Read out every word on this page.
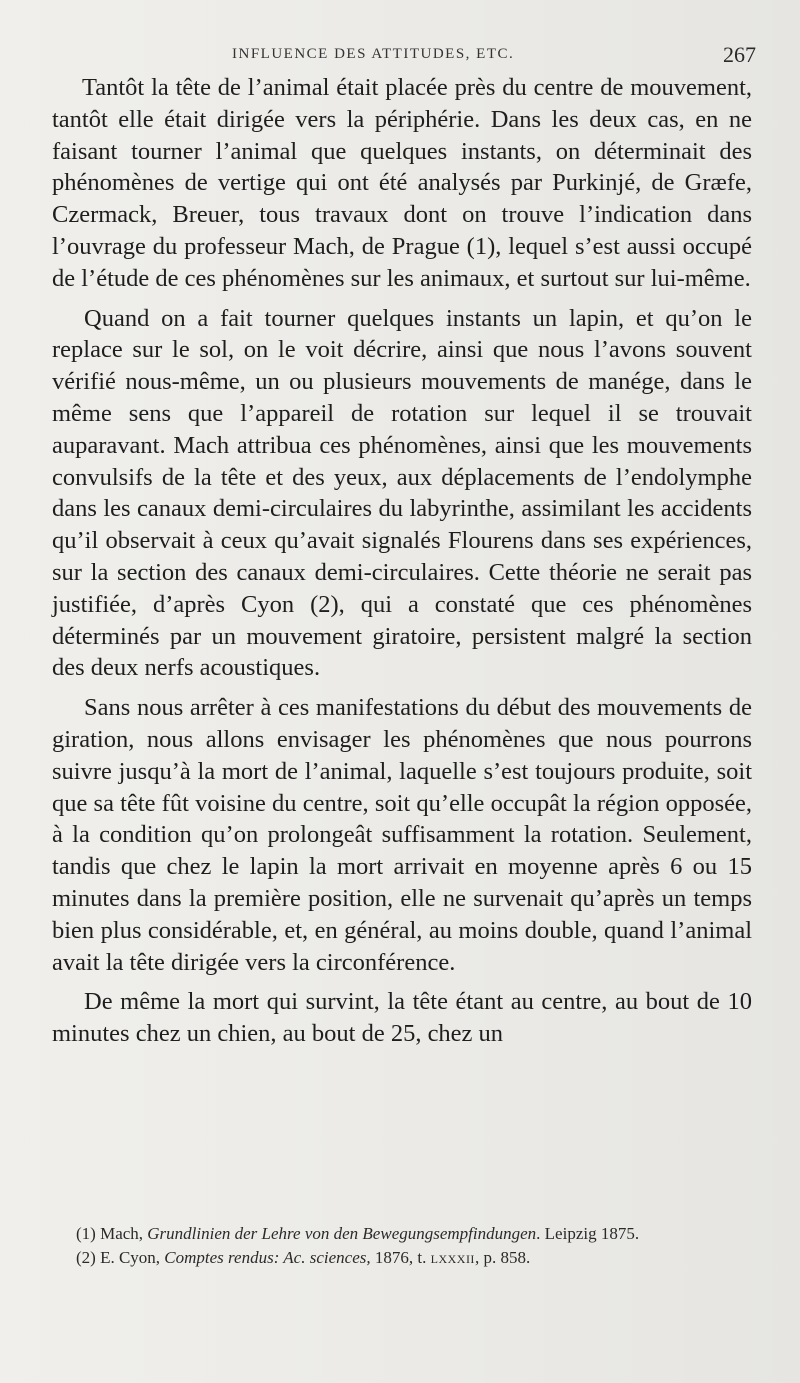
INFLUENCE DES ATTITUDES, ETC.	267

Tantôt la tête de l’animal était placée près du centre de mouvement, tantôt elle était dirigée vers la périphérie. Dans les deux cas, en ne faisant tourner l’animal que quelques instants, on déterminait des phénomènes de vertige qui ont été analysés par Purkinjé, de Græfe, Czermack, Breuer, tous travaux dont on trouve l’indication dans l’ouvrage du professeur Mach, de Prague (1), lequel s’est aussi occupé de l’étude de ces phénomènes sur les animaux, et surtout sur lui-même.

Quand on a fait tourner quelques instants un lapin, et qu’on le replace sur le sol, on le voit décrire, ainsi que nous l’avons souvent vérifié nous-même, un ou plusieurs mouvements de manége, dans le même sens que l’appareil de rotation sur lequel il se trouvait auparavant. Mach attribua ces phénomènes, ainsi que les mouvements convulsifs de la tête et des yeux, aux déplacements de l’endolymphe dans les canaux demi-circulaires du labyrinthe, assimilant les accidents qu’il observait à ceux qu’avait signalés Flourens dans ses expériences, sur la section des canaux demi-circulaires. Cette théorie ne serait pas justifiée, d’après Cyon (2), qui a constaté que ces phénomènes déterminés par un mouvement giratoire, persistent malgré la section des deux nerfs acoustiques.

Sans nous arrêter à ces manifestations du début des mouvements de giration, nous allons envisager les phénomènes que nous pourrons suivre jusqu’à la mort de l’animal, laquelle s’est toujours produite, soit que sa tête fût voisine du centre, soit qu’elle occupât la région opposée, à la condition qu’on prolongeât suffisamment la rotation. Seulement, tandis que chez le lapin la mort arrivait en moyenne après 6 ou 15 minutes dans la première position, elle ne survenait qu’après un temps bien plus considérable, et, en général, au moins double, quand l’animal avait la tête dirigée vers la circonférence.

De même la mort qui survint, la tête étant au centre, au bout de 10 minutes chez un chien, au bout de 25, chez un

(1) Mach, Grundlinien der Lehre von den Bewegungsempfindungen. Leipzig 1875.

(2) E. Cyon, Comptes rendus: Ac. sciences, 1876, t. lxxxii, p. 858.
